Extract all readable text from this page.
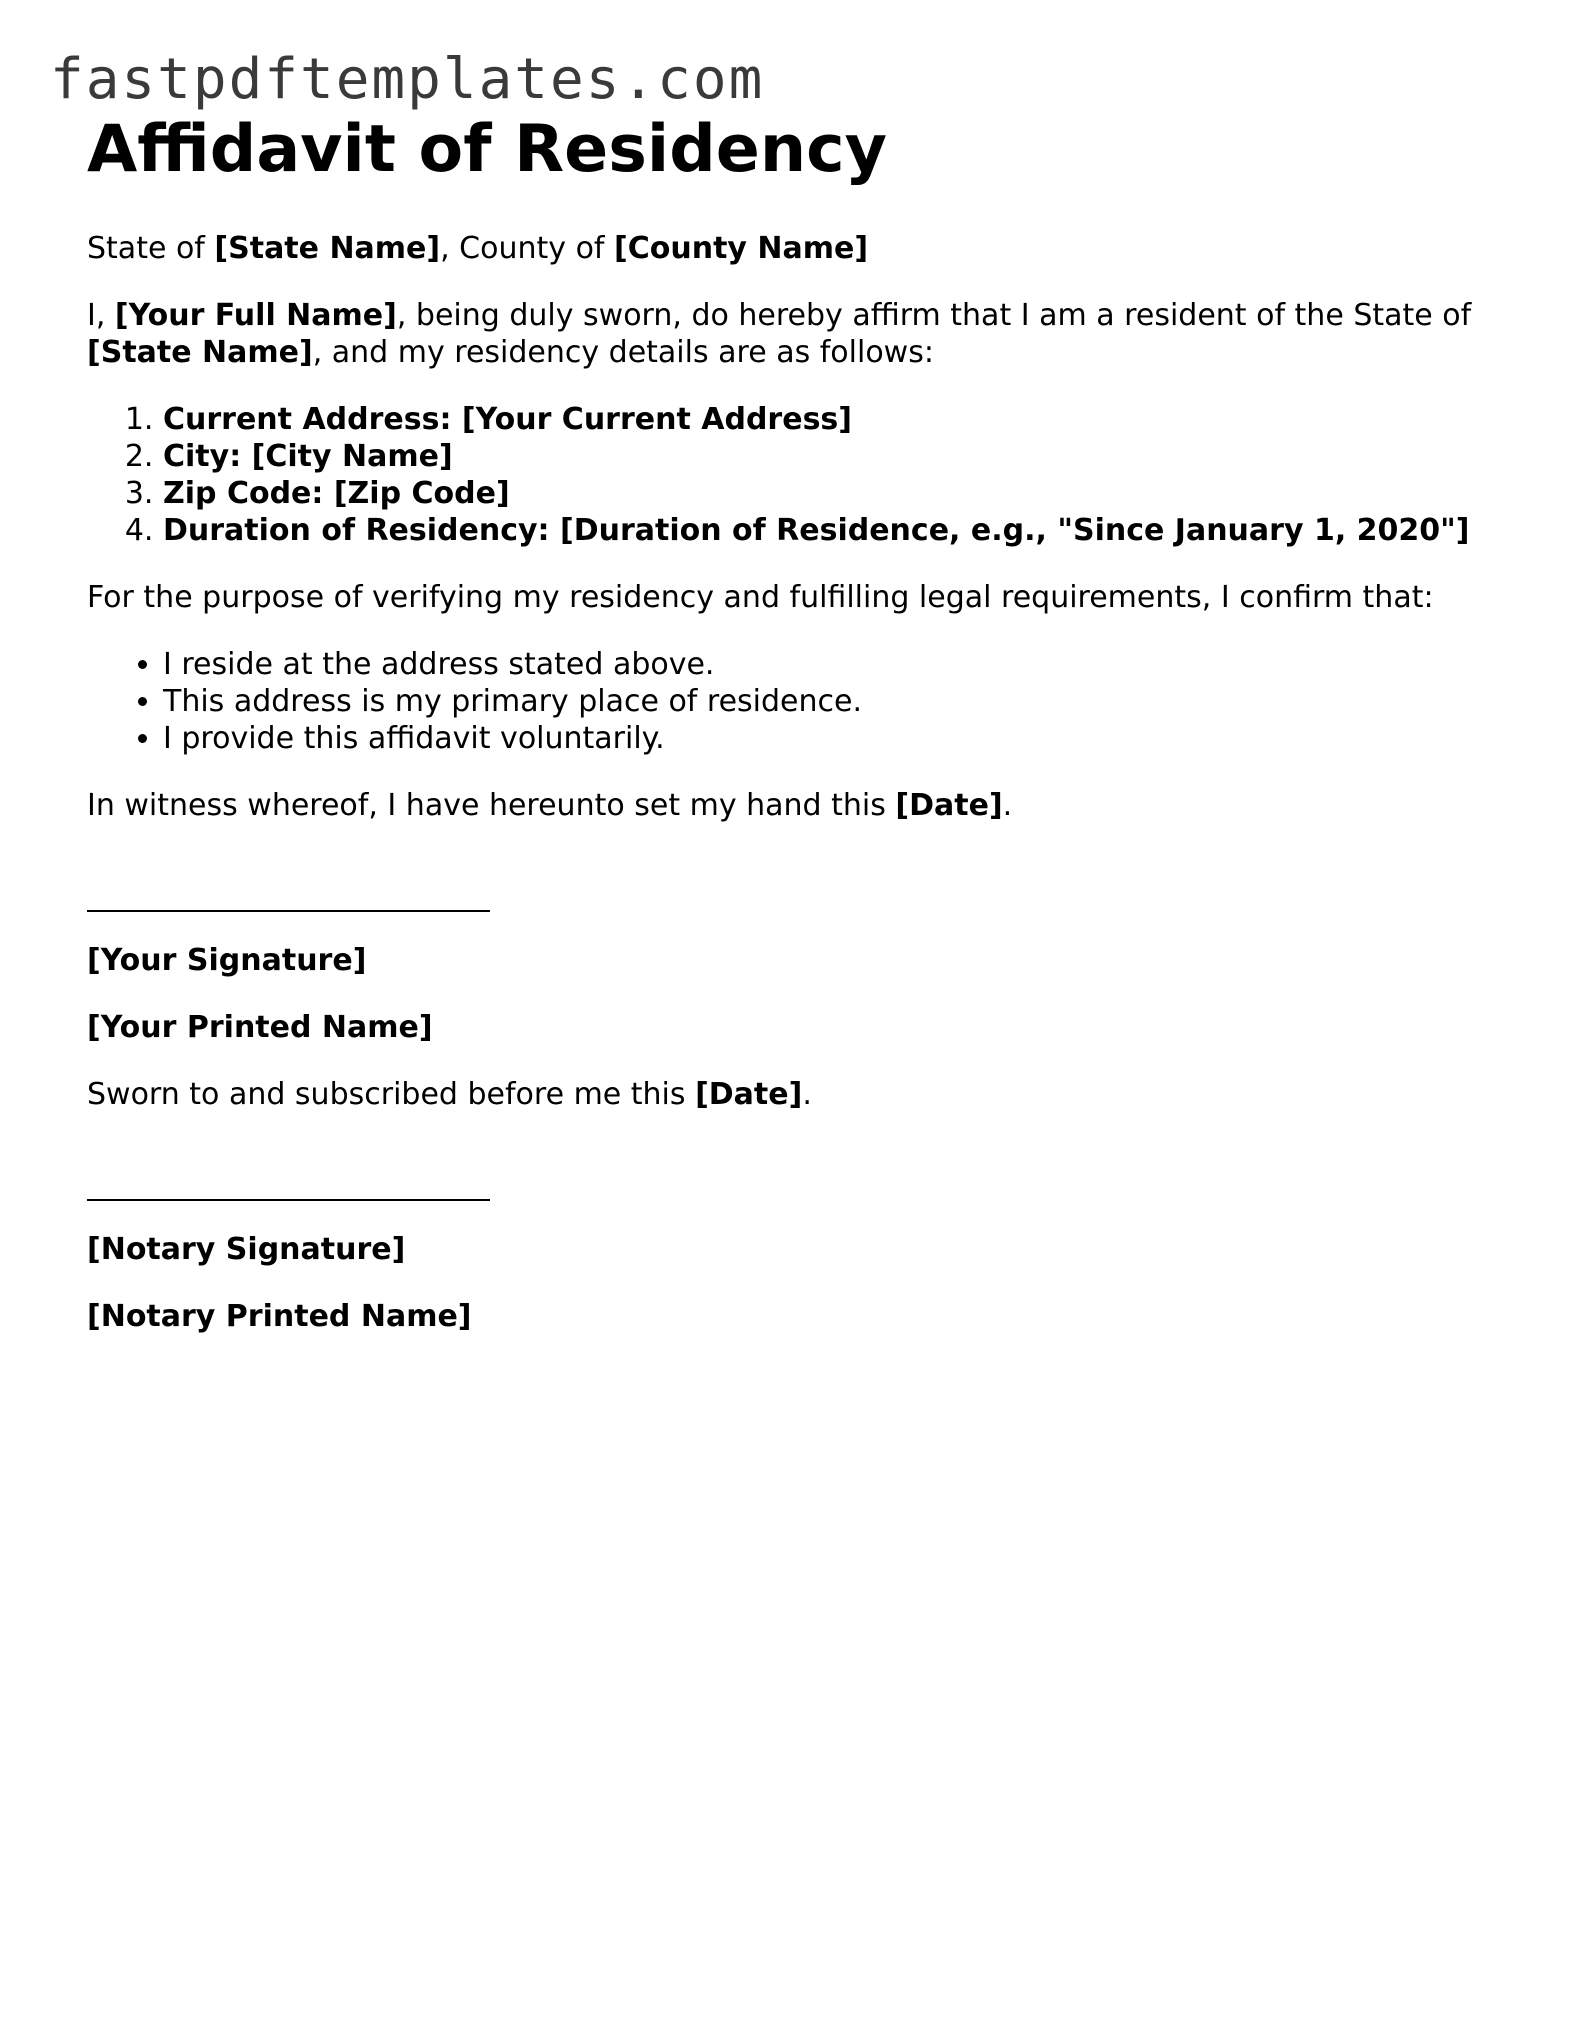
fastpdftemplates.com
Affidavit of Residency

State of [State Name], County of [County Name]

I, [Your Full Name], being duly sworn, do hereby affirm that I am a resident of the State of [State Name], and my residency details are as follows:

1. Current Address: [Your Current Address]
2. City: [City Name]
3. Zip Code: [Zip Code]
4. Duration of Residency: [Duration of Residence, e.g., "Since January 1, 2020"]

For the purpose of verifying my residency and fulfilling legal requirements, I confirm that:

• I reside at the address stated above.
• This address is my primary place of residence.
• I provide this affidavit voluntarily.

In witness whereof, I have hereunto set my hand this [Date].

[Your Signature]

[Your Printed Name]

Sworn to and subscribed before me this [Date].

[Notary Signature]

[Notary Printed Name]
